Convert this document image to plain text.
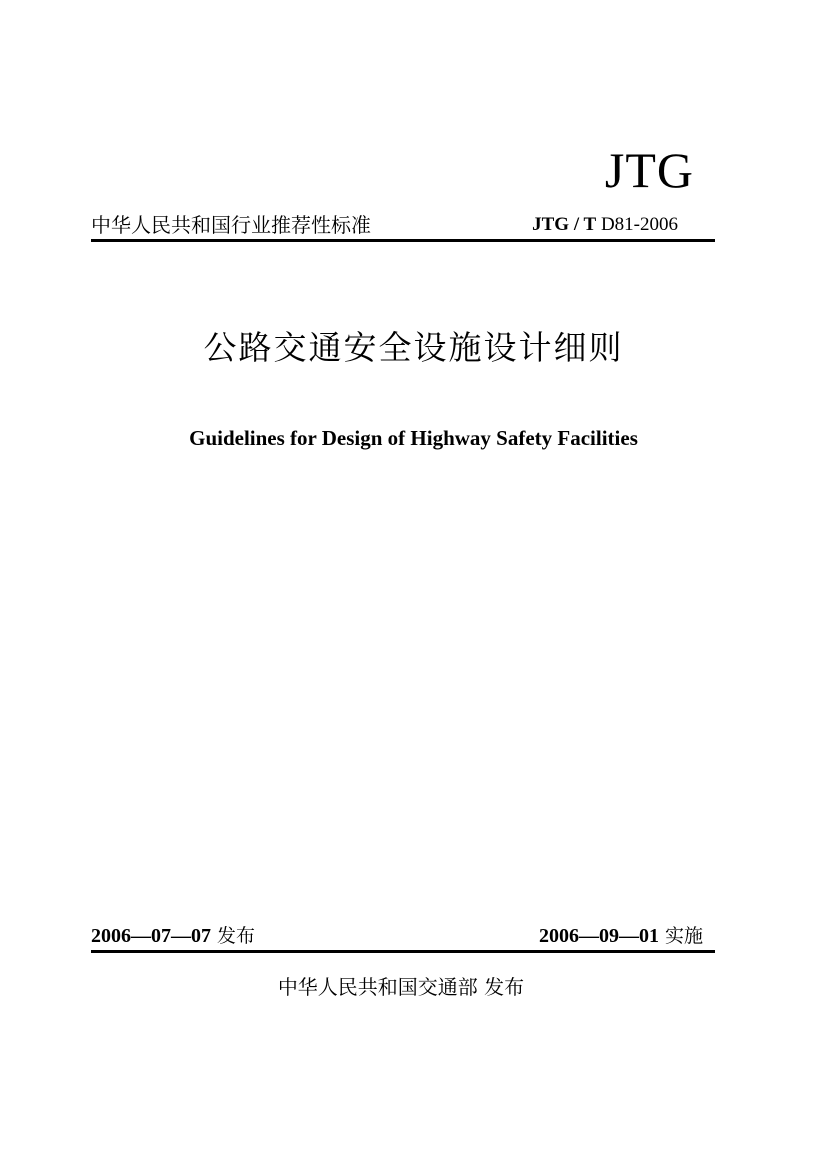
JTG
中华人民共和国行业推荐性标准	JTG / T D81-2006
公路交通安全设施设计细则
Guidelines for Design of Highway Safety Facilities
2006—07—07 发布	2006—09—01 实施
中华人民共和国交通部 发布
